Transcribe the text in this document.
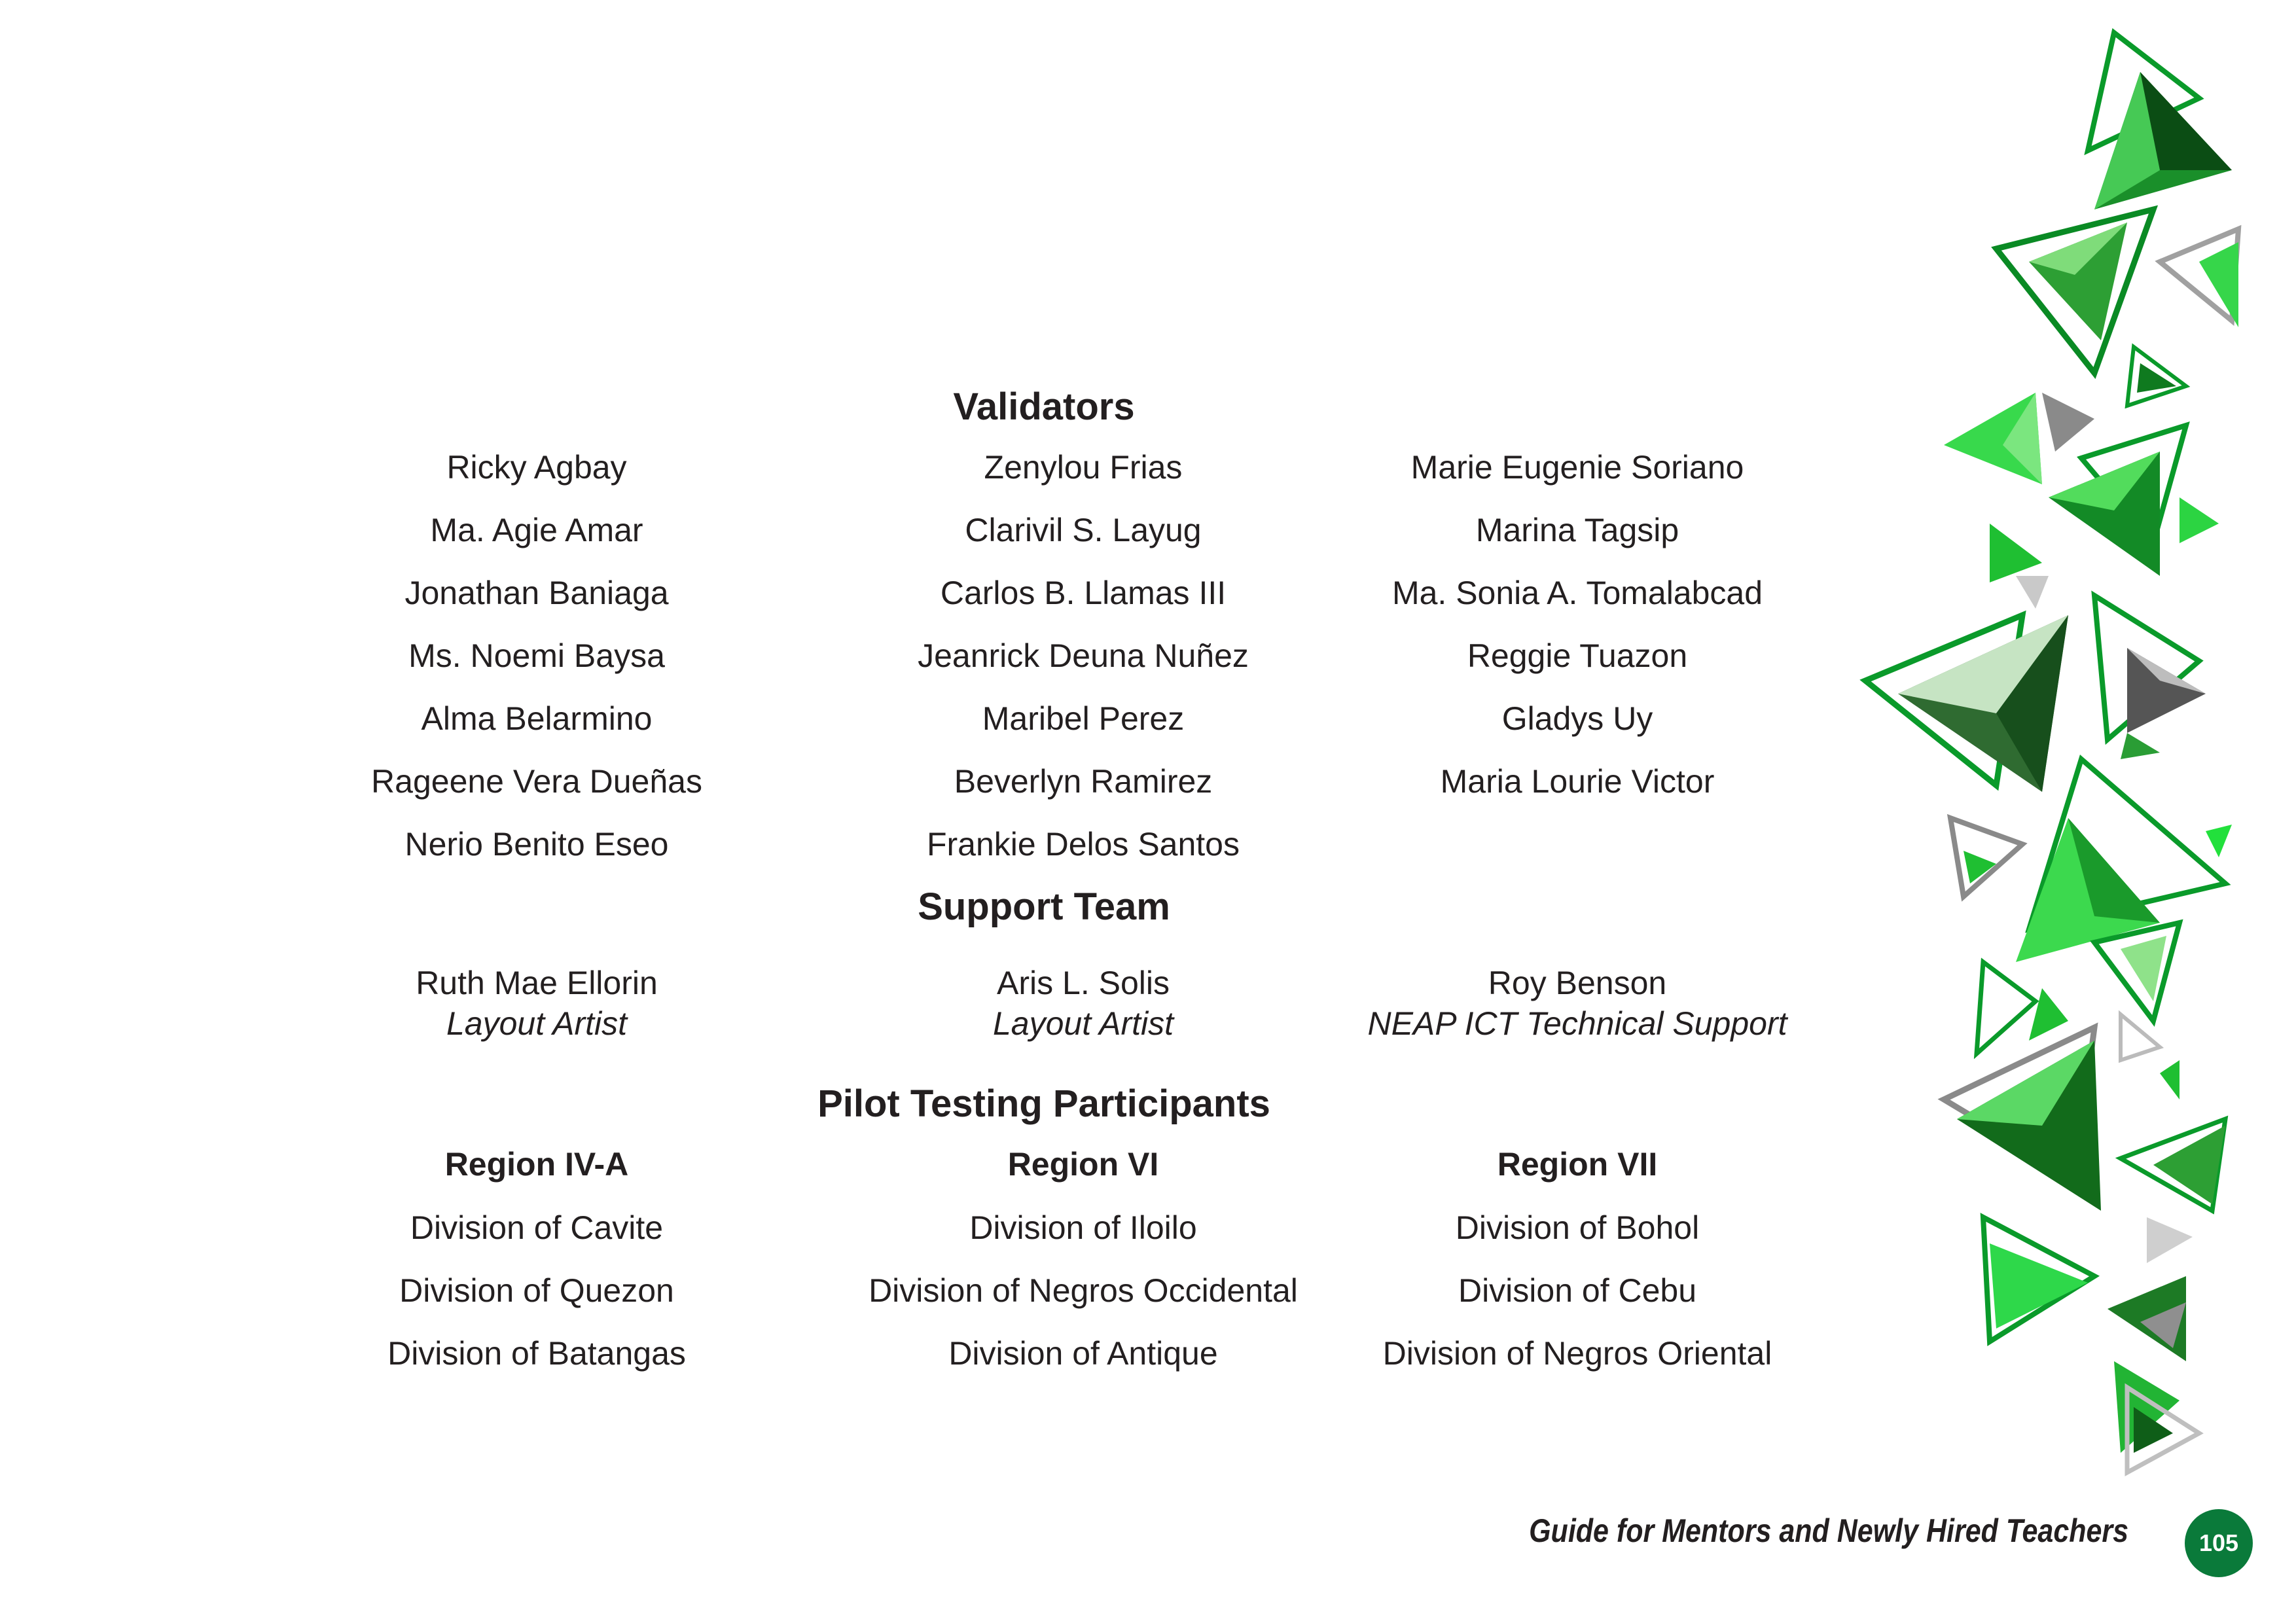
Validators
Ricky Agbay
Ma. Agie Amar
Jonathan Baniaga
Ms. Noemi Baysa
Alma Belarmino
Rageene Vera Dueñas
Nerio Benito Eseo
Zenylou Frias
Clarivil S. Layug
Carlos B. Llamas III
Jeanrick Deuna Nuñez
Maribel Perez
Beverlyn Ramirez
Frankie Delos Santos
Marie Eugenie Soriano
Marina Tagsip
Ma. Sonia A. Tomalabcad
Reggie Tuazon
Gladys Uy
Maria Lourie Victor
Support Team
Ruth Mae Ellorin
Layout Artist
Aris L. Solis
Layout Artist
Roy Benson
NEAP ICT Technical Support
Pilot Testing Participants
Region IV-A
Division of Cavite
Division of Quezon
Division of Batangas
Region VI
Division of Iloilo
Division of Negros Occidental
Division of Antique
Region VII
Division of Bohol
Division of Cebu
Division of Negros Oriental
Guide for Mentors and Newly Hired Teachers	105
